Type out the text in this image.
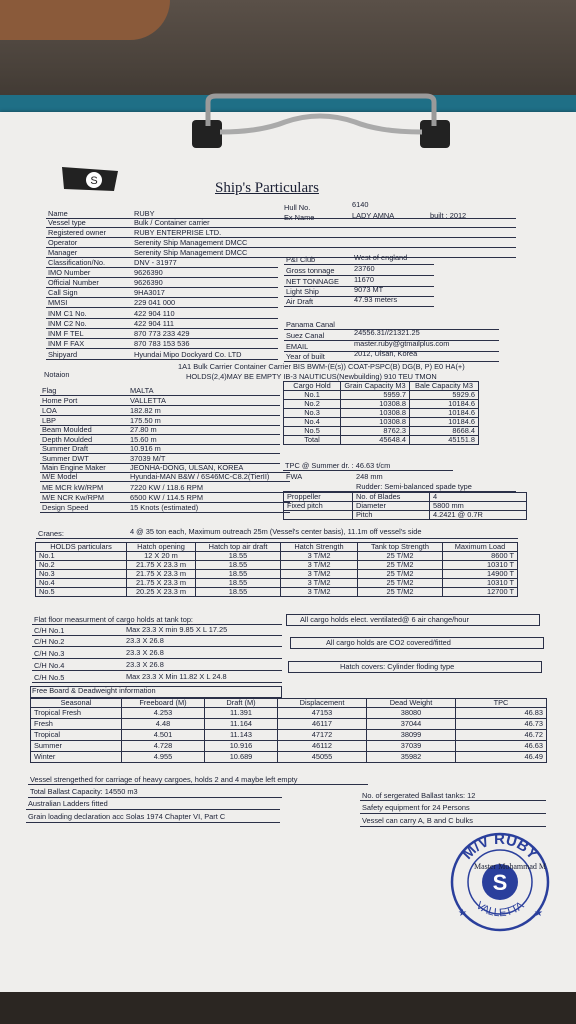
S	Ship's Particulars
M/V RUBY
VALLETTA
S
★	★
Master Mohammad M
Name	RUBY
Vessel type	Bulk / Container carrier
Registered owner	RUBY ENTERPRISE LTD.
Operator	Serenity Ship Management DMCC
Manager	Serenity Ship Management DMCC
Classification/No.	DNV - 31977
IMO Number	9626390
Official Number	9626390
Call Sign	9HA3017
MMSI	229 041 000
INM C1 No.	422 904 110
INM C2 No.	422 904 111
INM F TEL	870 773 233 429
INM F FAX	870 783 153 536
Shipyard	Hyundai Mipo Dockyard Co. LTD
Hull No.	6140
Ex Name	LADY AMNA	built : 2012
P&I Club	West of england
Gross tonnage	23760
NET TONNAGE 11670
Light Ship	9073 MT
Air Draft	47.93 meters
Panama Canal
Suez Canal	24556.31//21321.25
EMAIL	master.ruby@gtmailplus.com
Year of built	2012, Ulsan, Korea
Notaion
1A1 Bulk Carrier Container Carrier BIS BWM-(E(s)) COAT-PSPC(B) DG(B, P) E0 HA(+)
HOLDS(2,4)MAY BE EMPTY IB-3 NAUTICUS(Newbuilding) 910 TEU TMON
Flag	MALTA
Home Port	VALLETTA
LOA	182.82 m
LBP	175.50 m
Beam Moulded	27.80 m
Depth Moulded	15.60 m
Summer Draft	10.916 m
Summer DWT	37039 M/T
Main Engine Maker	JEONHA-DONG, ULSAN, KOREA
M/E Model	Hyundai-MAN B&W / 6S46MC-C8.2(TierII)
ME MCR kW/RPM	7220 KW / 118.6 RPM
M/E NCR Kw/RPM	6500 KW / 114.5 RPM
Design Speed	15 Knots (estimated)
Cargo Hold	Grain Capacity M3	Bale Capacity M3
No.1	5959.7	5929.6
No.2	10308.8	10184.6
No.3	10308.8	10184.6
No.4	10308.8	10184.6
No.5	8762.3	8668.4
Total	45648.4	45151.8
TPC @ Summer dr. : 46.63 t/cm
FWA	248 mm
Rudder: Semi-balanced spade type
Proppeller	No. of Blades	4
Fixed pitch	Diameter	5800 mm
	Pitch	4.2421 @ 0.7R
Cranes:	4 @ 35 ton each, Maximum outreach 25m (Vessel's center basis), 11.1m off vessel's side
HOLDS particulars	Hatch opening	Hatch top air draft	Hatch Strength	Tank top Strength	Maximum Load
No.1	12 X 20 m	18.55	3 T/M2	25 T/M2	8600 T
No.2	21.75 X 23.3 m	18.55	3 T/M2	25 T/M2	10310 T
No.3	21.75 X 23.3 m	18.55	3 T/M2	25 T/M2	14900 T
No.4	21.75 X 23.3 m	18.55	3 T/M2	25 T/M2	10310 T
No.5	20.25 X 23.3 m	18.55	3 T/M2	25 T/M2	12700 T
Flat floor measurment of cargo holds at tank top:	All cargo holds elect. ventilated@ 6 air change/hour
C/H No.1	Max 23.3 X min 9.85 X L 17.25
C/H No.2	23.3 X 26.8
C/H No.3	23.3 X 26.8
C/H No.4	23.3 X 26.8
C/H No.5	Max 23.3 X Min 11.82 X L 24.8
All cargo holds are CO2 covered/fitted
Hatch covers: Cylinder floding type
Free Board & Deadweight information
Seasonal	Freeboard (M)	Draft (M)	Displacement	Dead Weight	TPC
Tropical Fresh	4.253	11.391	47153	38080	46.83
Fresh	4.48	11.164	46117	37044	46.73
Tropical	4.501	11.143	47172	38099	46.72
Summer	4.728	10.916	46112	37039	46.63
Winter	4.955	10.689	45055	35982	46.49
Vessel strengethed for carriage of heavy cargoes, holds 2 and 4 maybe left empty
Total Ballast Capacity: 14550 m3
Australian Ladders fitted
Grain loading declaration acc Solas 1974 Chapter VI, Part C
No. of sergerated Ballast tanks: 12
Safety equipment for 24 Persons
Vessel can carry A, B and C bulks
